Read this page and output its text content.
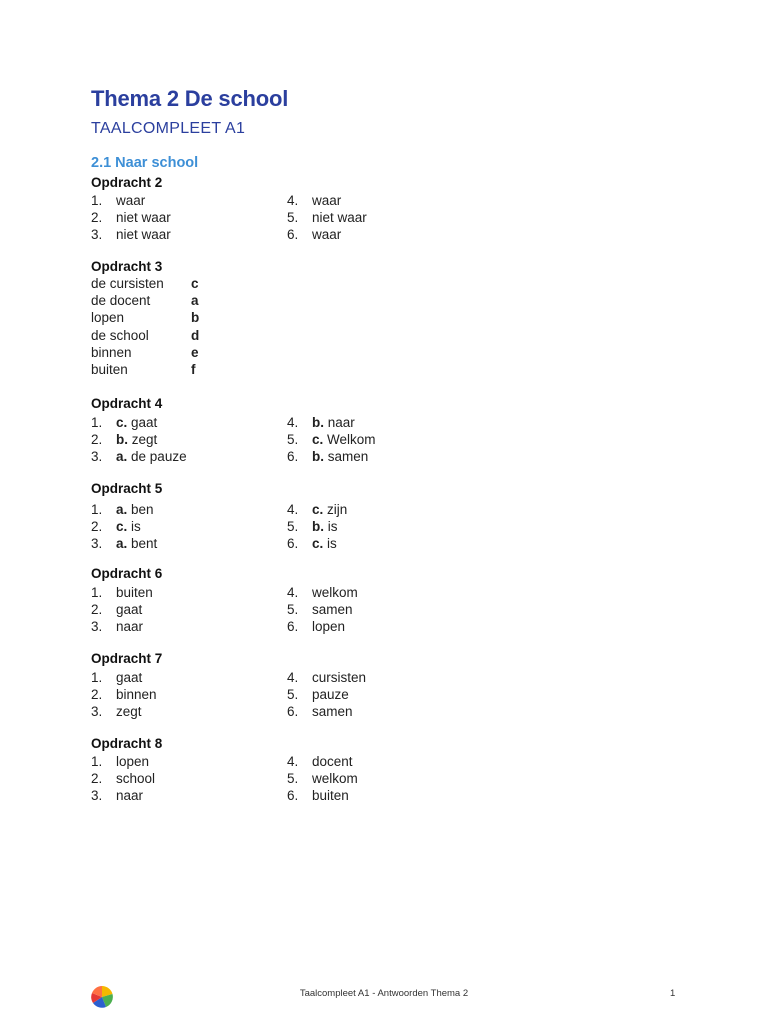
Thema 2 De school
TAALCOMPLEET A1
2.1 Naar school
Opdracht 2
1. waar
2. niet waar
3. niet waar
4. waar
5. niet waar
6. waar
Opdracht 3
de cursisten c
de docent	a
lopen	b
de school	d
binnen	e
buiten	f
Opdracht 4
1. c. gaat
2. b. zegt
3. a. de pauze
4. b. naar
5. c. Welkom
6. b. samen
Opdracht 5
1. a. ben
2. c. is
3. a. bent
4. c. zijn
5. b. is
6. c. is
Opdracht 6
1. buiten
2. gaat
3. naar
4. welkom
5. samen
6. lopen
Opdracht 7
1. gaat
2. binnen
3. zegt
4. cursisten
5. pauze
6. samen
Opdracht 8
1. lopen
2. school
3. naar
4. docent
5. welkom
6. buiten
Taalcompleet A1 - Antwoorden Thema 2	1
